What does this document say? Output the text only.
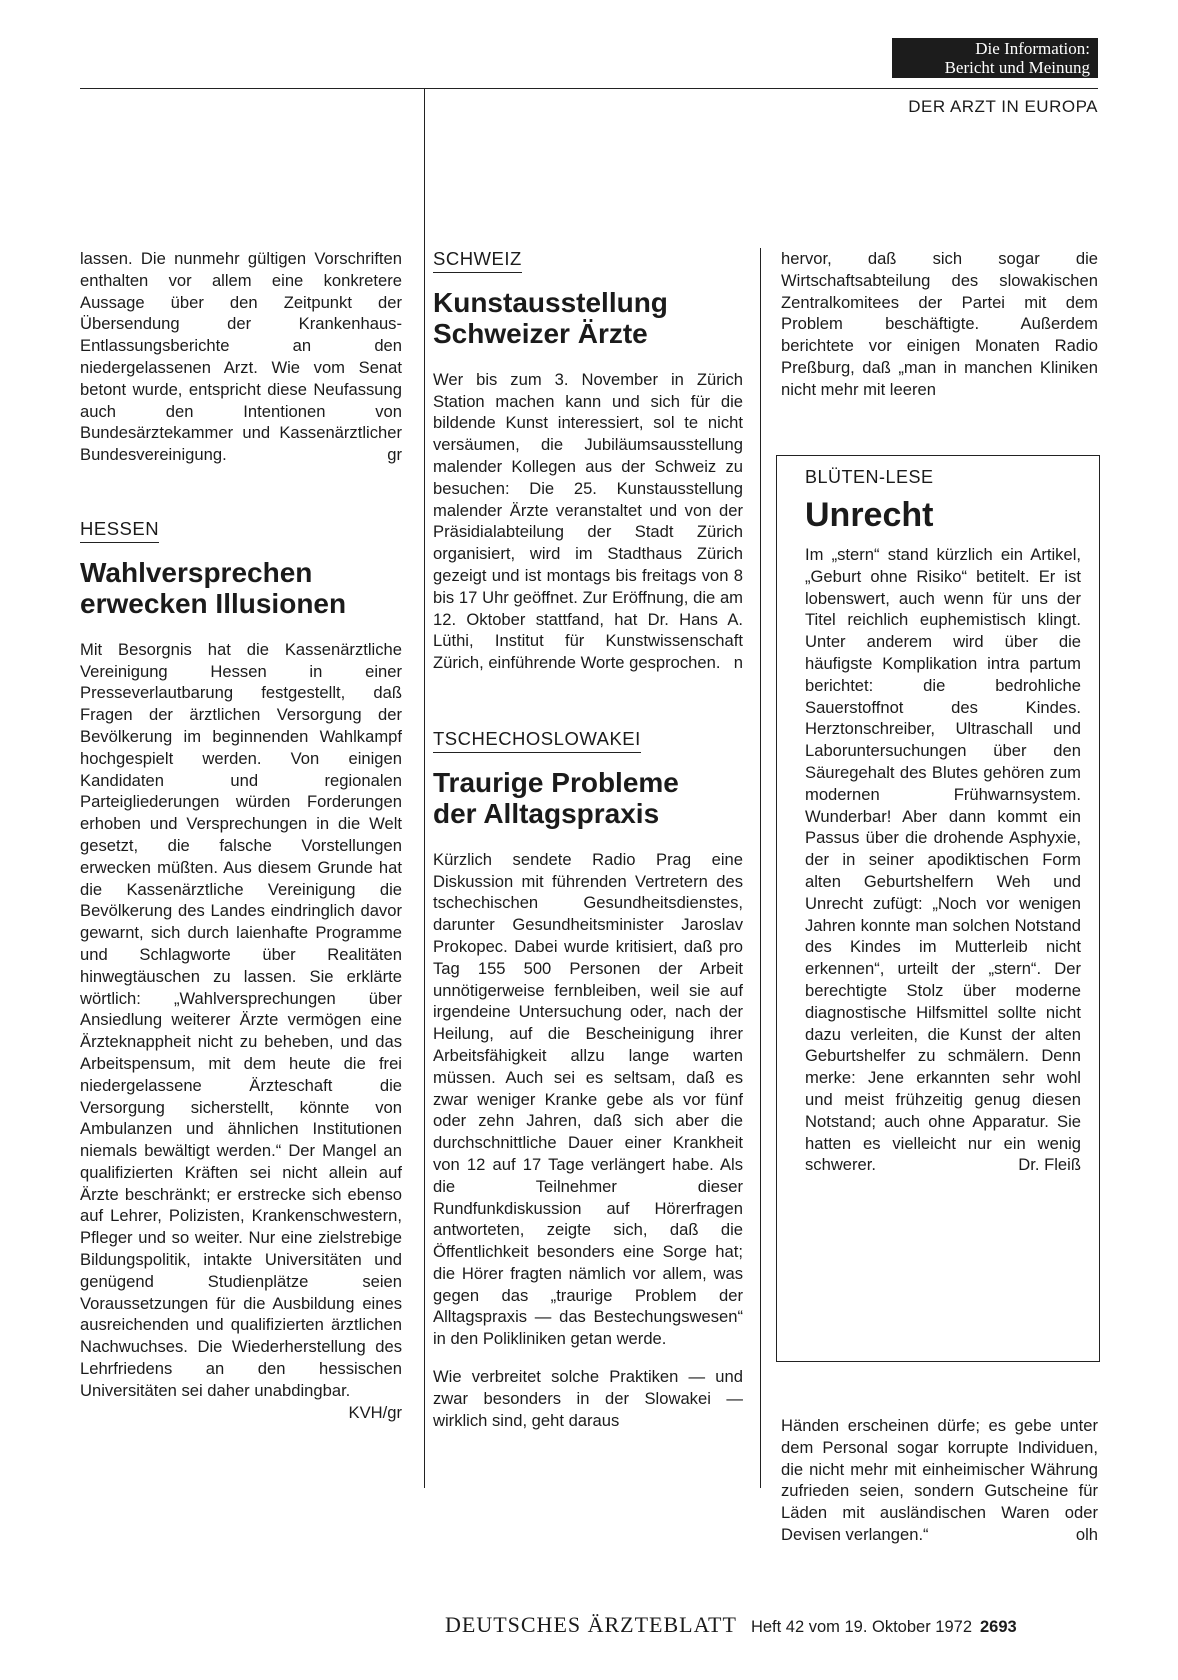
Die Information:
Bericht und Meinung
DER ARZT IN EUROPA

lassen. Die nunmehr gültigen Vorschriften enthalten vor allem eine konkretere Aussage über den Zeitpunkt der Übersendung der Krankenhaus-Entlassungsberichte an den niedergelassenen Arzt. Wie vom Senat betont wurde, entspricht diese Neufassung auch den Intentionen von Bundesärztekammer und Kassenärztlicher Bundesvereinigung.	gr

HESSEN
Wahlversprechen
erwecken Illusionen

Mit Besorgnis hat die Kassenärztliche Vereinigung Hessen in einer Presseverlautbarung festgestellt, daß Fragen der ärztlichen Versorgung der Bevölkerung im beginnenden Wahlkampf hochgespielt werden. Von einigen Kandidaten und regionalen Parteigliederungen würden Forderungen erhoben und Versprechungen in die Welt gesetzt, die falsche Vorstellungen erwecken müßten. Aus diesem Grunde hat die Kassenärztliche Vereinigung die Bevölkerung des Landes eindringlich davor gewarnt, sich durch laienhafte Programme und Schlagworte über Realitäten hinwegtäuschen zu lassen. Sie erklärte wörtlich: „Wahlversprechungen über Ansiedlung weiterer Ärzte vermögen eine Ärzteknappheit nicht zu beheben, und das Arbeitspensum, mit dem heute die frei niedergelassene Ärzteschaft die Versorgung sicherstellt, könnte von Ambulanzen und ähnlichen Institutionen niemals bewältigt werden.“ Der Mangel an qualifizierten Kräften sei nicht allein auf Ärzte beschränkt; er erstrecke sich ebenso auf Lehrer, Polizisten, Krankenschwestern, Pfleger und so weiter. Nur eine zielstrebige Bildungspolitik, intakte Universitäten und genügend Studienplätze seien Voraussetzungen für die Ausbildung eines ausreichenden und qualifizierten ärztlichen Nachwuchses. Die Wiederherstellung des Lehrfriedens an den hessischen Universitäten sei daher unabdingbar.
KVH/gr

SCHWEIZ
Kunstausstellung
Schweizer Ärzte

Wer bis zum 3. November in Zürich Station machen kann und sich für die bildende Kunst interessiert, sol te nicht versäumen, die Jubiläumsausstellung malender Kollegen aus der Schweiz zu besuchen: Die 25. Kunstausstellung malender Ärzte veranstaltet und von der Präsidialabteilung der Stadt Zürich organisiert, wird im Stadthaus Zürich gezeigt und ist montags bis freitags von 8 bis 17 Uhr geöffnet. Zur Eröffnung, die am 12. Oktober stattfand, hat Dr. Hans A. Lüthi, Institut für Kunstwissenschaft Zürich, einführende Worte gesprochen. n

TSCHECHOSLOWAKEI
Traurige Probleme
der Alltagspraxis

Kürzlich sendete Radio Prag eine Diskussion mit führenden Vertretern des tschechischen Gesundheitsdienstes, darunter Gesundheitsminister Jaroslav Prokopec. Dabei wurde kritisiert, daß pro Tag 155 500 Personen der Arbeit unnötigerweise fernbleiben, weil sie auf irgendeine Untersuchung oder, nach der Heilung, auf die Bescheinigung ihrer Arbeitsfähigkeit allzu lange warten müssen. Auch sei es seltsam, daß es zwar weniger Kranke gebe als vor fünf oder zehn Jahren, daß sich aber die durchschnittliche Dauer einer Krankheit von 12 auf 17 Tage verlängert habe. Als die Teilnehmer dieser Rundfunkdiskussion auf Hörerfragen antworteten, zeigte sich, daß die Öffentlichkeit besonders eine Sorge hat; die Hörer fragten nämlich vor allem, was gegen das „traurige Problem der Alltagspraxis — das Bestechungswesen“ in den Polikliniken getan werde.

Wie verbreitet solche Praktiken — und zwar besonders in der Slowakei — wirklich sind, geht daraus

hervor, daß sich sogar die Wirtschaftsabteilung des slowakischen Zentralkomitees der Partei mit dem Problem beschäftigte. Außerdem berichtete vor einigen Monaten Radio Preßburg, daß „man in manchen Kliniken nicht mehr mit leeren

BLÜTEN-LESE
Unrecht

Im „stern“ stand kürzlich ein Artikel, „Geburt ohne Risiko“ betitelt. Er ist lobenswert, auch wenn für uns der Titel reichlich euphemistisch klingt. Unter anderem wird über die häufigste Komplikation intra partum berichtet: die bedrohliche Sauerstoffnot des Kindes. Herztonschreiber, Ultraschall und Laboruntersuchungen über den Säuregehalt des Blutes gehören zum modernen Frühwarnsystem. Wunderbar! Aber dann kommt ein Passus über die drohende Asphyxie, der in seiner apodiktischen Form alten Geburtshelfern Weh und Unrecht zufügt: „Noch vor wenigen Jahren konnte man solchen Notstand des Kindes im Mutterleib nicht erkennen“, urteilt der „stern“. Der berechtigte Stolz über moderne diagnostische Hilfsmittel sollte nicht dazu verleiten, die Kunst der alten Geburtshelfer zu schmälern. Denn merke: Jene erkannten sehr wohl und meist frühzeitig genug diesen Notstand; auch ohne Apparatur. Sie hatten es vielleicht nur ein wenig schwerer.	Dr. Fleiß

Händen erscheinen dürfe; es gebe unter dem Personal sogar korrupte Individuen, die nicht mehr mit einheimischer Währung zufrieden seien, sondern Gutscheine für Läden mit ausländischen Waren oder Devisen verlangen.“	olh

DEUTSCHES ÄRZTEBLATT Heft 42 vom 19. Oktober 1972 2693
